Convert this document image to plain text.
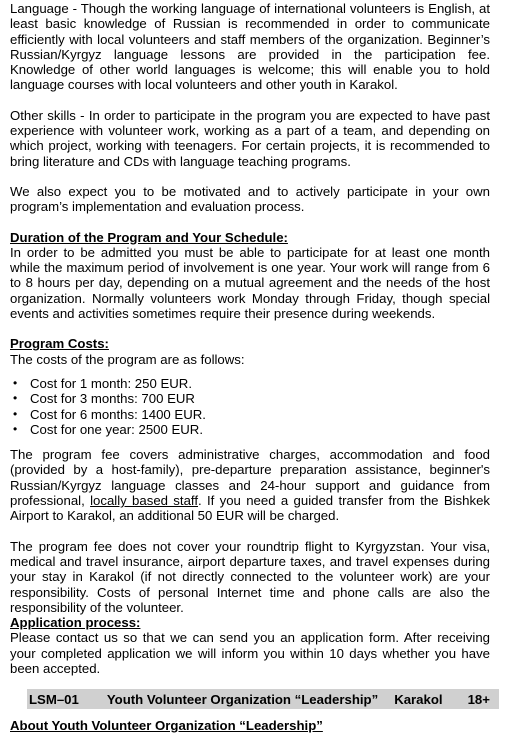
Language - Though the working language of international volunteers is English, at least basic knowledge of Russian is recommended in order to communicate efficiently with local volunteers and staff members of the organization. Beginner’s Russian/Kyrgyz language lessons are provided in the participation fee. Knowledge of other world languages is welcome; this will enable you to hold language courses with local volunteers and other youth in Karakol.

Other skills - In order to participate in the program you are expected to have past experience with volunteer work, working as a part of a team, and depending on which project, working with teenagers. For certain projects, it is recommended to bring literature and CDs with language teaching programs.

We also expect you to be motivated and to actively participate in your own program’s implementation and evaluation process.

Duration of the Program and Your Schedule:

In order to be admitted you must be able to participate for at least one month while the maximum period of involvement is one year. Your work will range from 6 to 8 hours per day, depending on a mutual agreement and the needs of the host organization. Normally volunteers work Monday through Friday, though special events and activities sometimes require their presence during weekends.

Program Costs:

The costs of the program are as follows:

• Cost for 1 month: 250 EUR.
• Cost for 3 months: 700 EUR
• Cost for 6 months: 1400 EUR.
• Cost for one year: 2500 EUR.

The program fee covers administrative charges, accommodation and food (provided by a host-family), pre-departure preparation assistance, beginner's Russian/Kyrgyz language classes and 24-hour support and guidance from professional, locally based staff. If you need a guided transfer from the Bishkek Airport to Karakol, an additional 50 EUR will be charged.

The program fee does not cover your roundtrip flight to Kyrgyzstan. Your visa, medical and travel insurance, airport departure taxes, and travel expenses during your stay in Karakol (if not directly connected to the volunteer work) are your responsibility. Costs of personal Internet time and phone calls are also the responsibility of the volunteer.

Application process:

Please contact us so that we can send you an application form. After receiving your completed application we will inform you within 10 days whether you have been accepted.

LSM–01 Youth Volunteer Organization “Leadership” Karakol 18+

About Youth Volunteer Organization “Leadership”
